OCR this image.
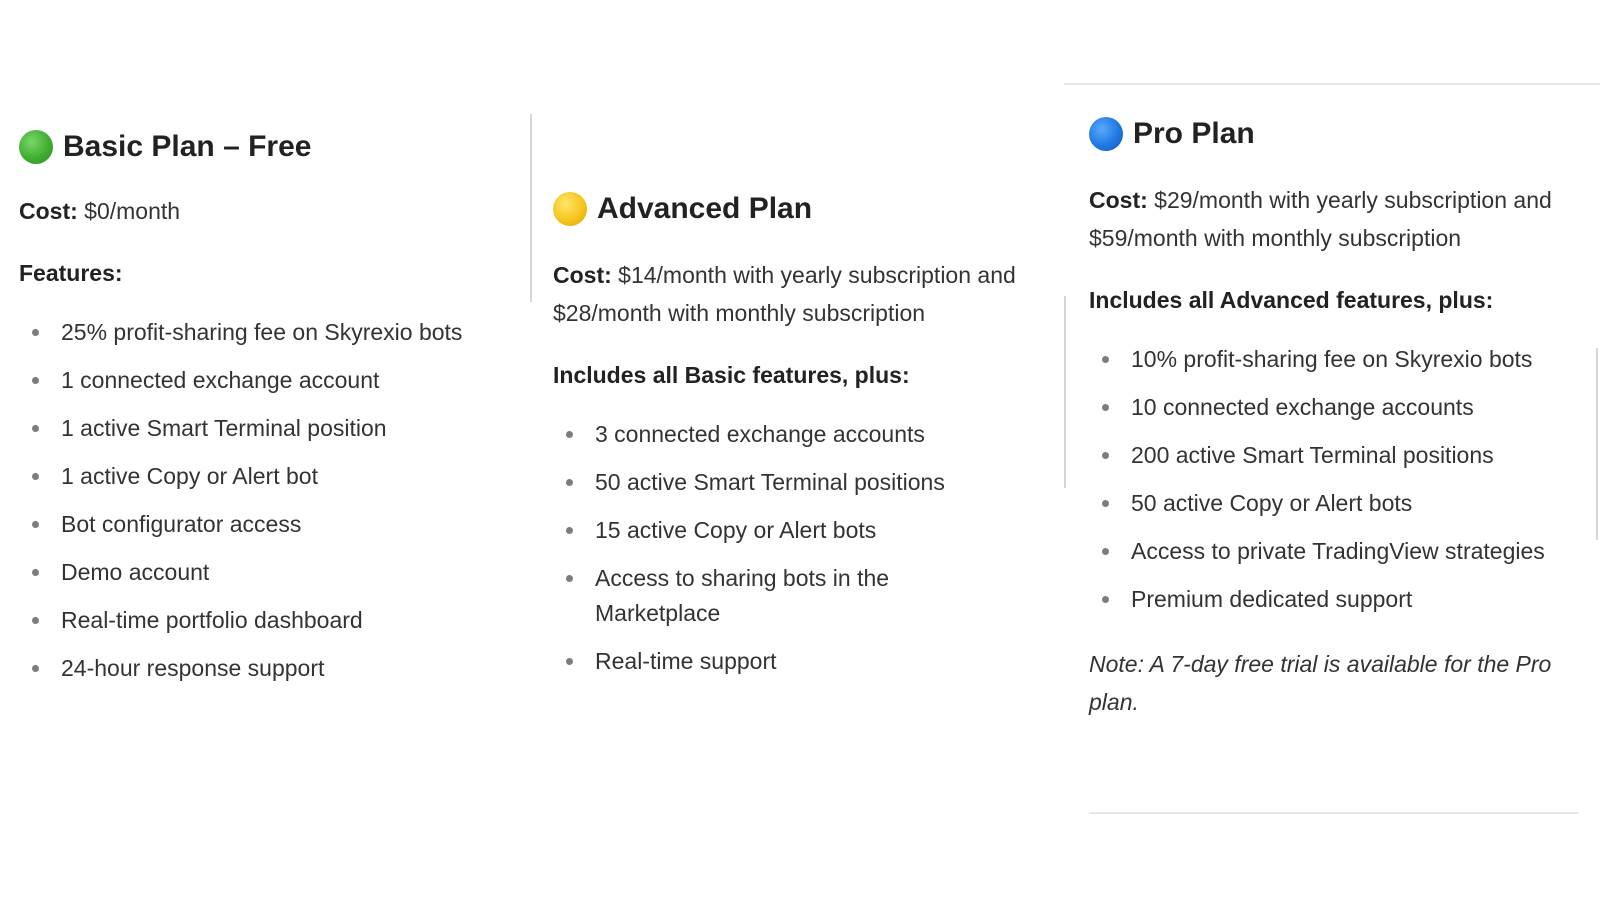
Basic Plan – Free

Cost: $0/month

Features:

25% profit-sharing fee on Skyrexio bots
1 connected exchange account
1 active Smart Terminal position
1 active Copy or Alert bot
Bot configurator access
Demo account
Real-time portfolio dashboard
24-hour response support
Advanced Plan

Cost: $14/month with yearly subscription and $28/month with monthly subscription

Includes all Basic features, plus:

3 connected exchange accounts
50 active Smart Terminal positions
15 active Copy or Alert bots
Access to sharing bots in the Marketplace
Real-time support
Pro Plan

Cost: $29/month with yearly subscription and $59/month with monthly subscription

Includes all Advanced features, plus:

10% profit-sharing fee on Skyrexio bots
10 connected exchange accounts
200 active Smart Terminal positions
50 active Copy or Alert bots
Access to private TradingView strategies
Premium dedicated support

Note: A 7-day free trial is available for the Pro plan.
